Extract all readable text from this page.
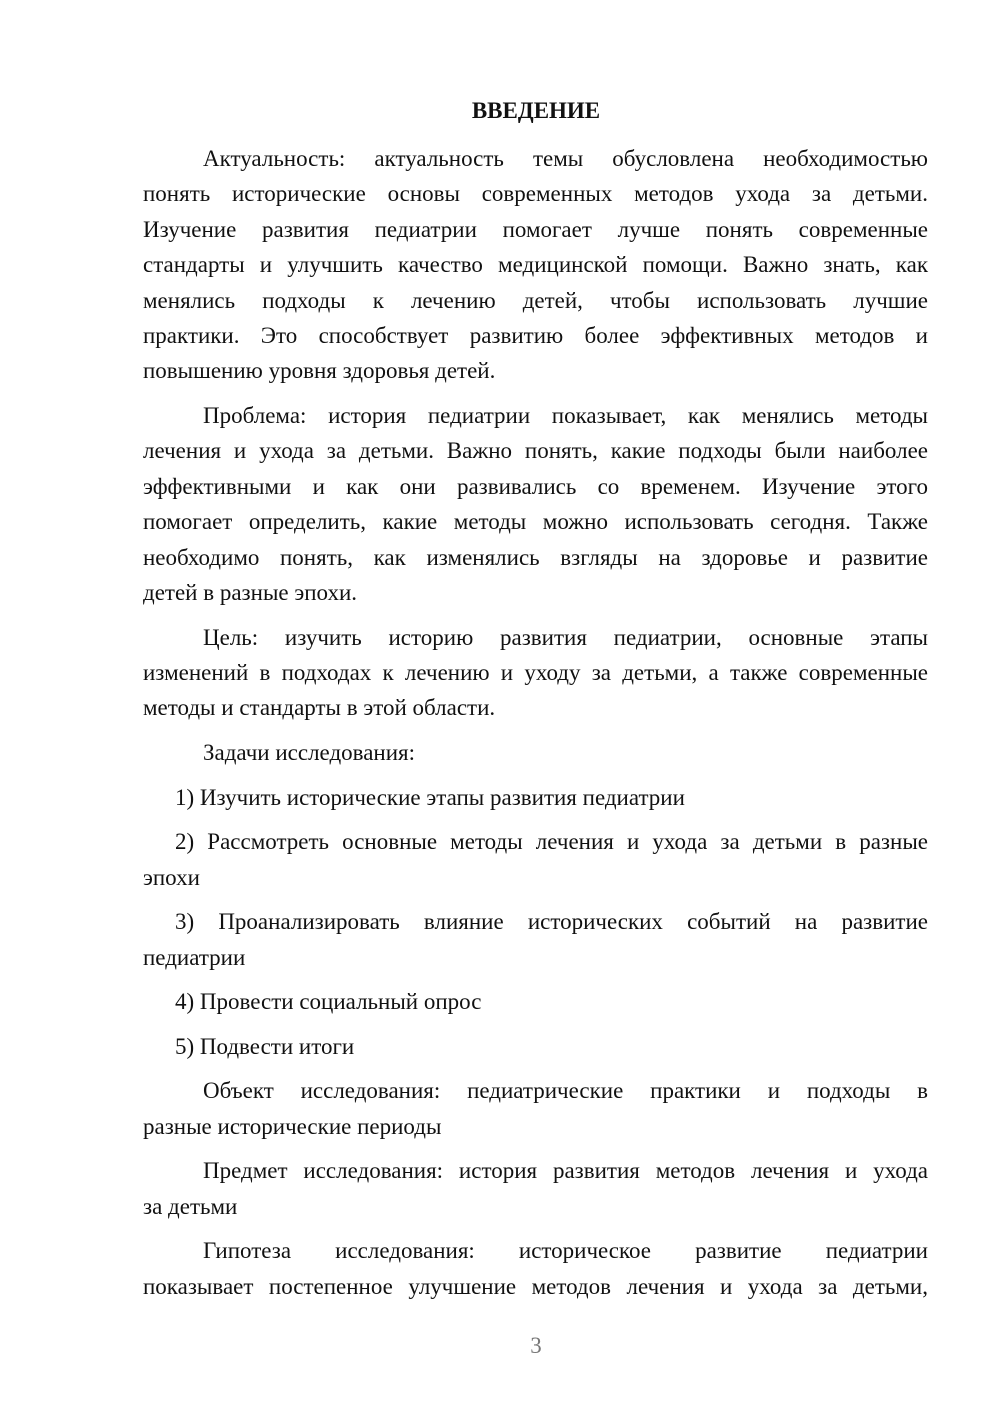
ВВЕДЕНИЕ
Актуальность: актуальность темы обусловлена необходимостью
понять исторические основы современных методов ухода за детьми.
Изучение развития педиатрии помогает лучше понять современные
стандарты и улучшить качество медицинской помощи. Важно знать, как
менялись подходы к лечению детей, чтобы использовать лучшие
практики. Это способствует развитию более эффективных методов и
повышению уровня здоровья детей.
Проблема: история педиатрии показывает, как менялись методы
лечения и ухода за детьми. Важно понять, какие подходы были наиболее
эффективными и как они развивались со временем. Изучение этого
помогает определить, какие методы можно использовать сегодня. Также
необходимо понять, как изменялись взгляды на здоровье и развитие
детей в разные эпохи.
Цель: изучить историю развития педиатрии, основные этапы
изменений в подходах к лечению и уходу за детьми, а также современные
методы и стандарты в этой области.
Задачи исследования:
1) Изучить исторические этапы развития педиатрии
2) Рассмотреть основные методы лечения и ухода за детьми в разные
эпохи
3) Проанализировать влияние исторических событий на развитие
педиатрии
4) Провести социальный опрос
5) Подвести итоги
Объект исследования: педиатрические практики и подходы в
разные исторические периоды
Предмет исследования: история развития методов лечения и ухода
за детьми
Гипотеза исследования: историческое развитие педиатрии
показывает постепенное улучшение методов лечения и ухода за детьми,
3
